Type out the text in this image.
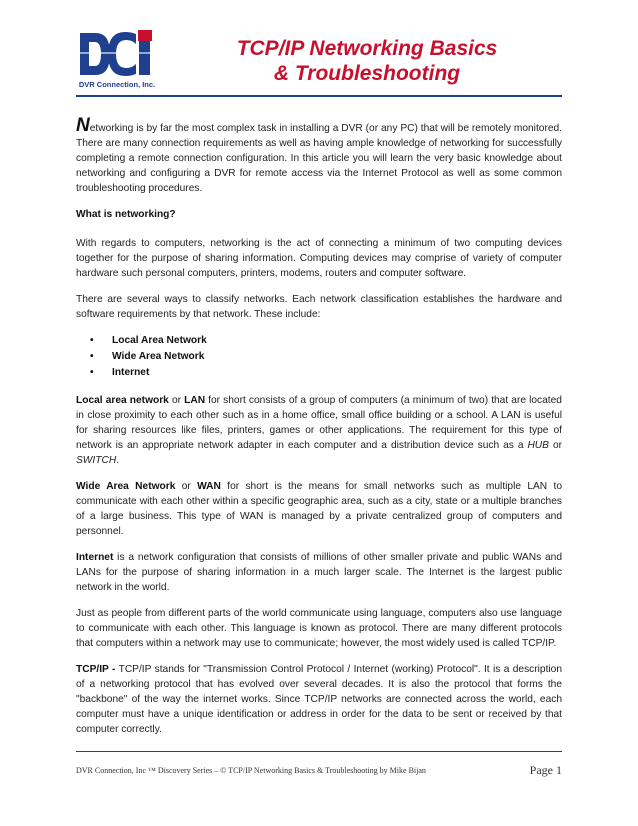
DVR Connection, Inc.
TCP/IP Networking Basics
& Troubleshooting

Networking is by far the most complex task in installing a DVR (or any PC) that will be remotely monitored. There are many connection requirements as well as having ample knowledge of networking for successfully completing a remote connection configuration. In this article you will learn the very basic knowledge about networking and configuring a DVR for remote access via the Internet Protocol as well as some common troubleshooting procedures.

What is networking?

With regards to computers, networking is the act of connecting a minimum of two computing devices together for the purpose of sharing information. Computing devices may comprise of variety of computer hardware such personal computers, printers, modems, routers and computer software.

There are several ways to classify networks. Each network classification establishes the hardware and software requirements by that network. These include:

• Local Area Network
• Wide Area Network
• Internet

Local area network or LAN for short consists of a group of computers (a minimum of two) that are located in close proximity to each other such as in a home office, small office building or a school. A LAN is useful for sharing resources like files, printers, games or other applications. The requirement for this type of network is an appropriate network adapter in each computer and a distribution device such as a HUB or SWITCH.

Wide Area Network or WAN for short is the means for small networks such as multiple LAN to communicate with each other within a specific geographic area, such as a city, state or a multiple branches of a large business. This type of WAN is managed by a private centralized group of computers and personnel.

Internet is a network configuration that consists of millions of other smaller private and public WANs and LANs for the purpose of sharing information in a much larger scale. The Internet is the largest public network in the world.

Just as people from different parts of the world communicate using language, computers also use language to communicate with each other. This language is known as protocol. There are many different protocols that computers within a network may use to communicate; however, the most widely used is called TCP/IP.

TCP/IP - TCP/IP stands for "Transmission Control Protocol / Internet (working) Protocol". It is a description of a networking protocol that has evolved over several decades. It is also the protocol that forms the "backbone" of the way the internet works. Since TCP/IP networks are connected across the world, each computer must have a unique identification or address in order for the data to be sent or received by that computer correctly.

DVR Connection, Inc ™ Discovery Series – © TCP/IP Networking Basics & Troubleshooting by Mike Bijan	Page 1
